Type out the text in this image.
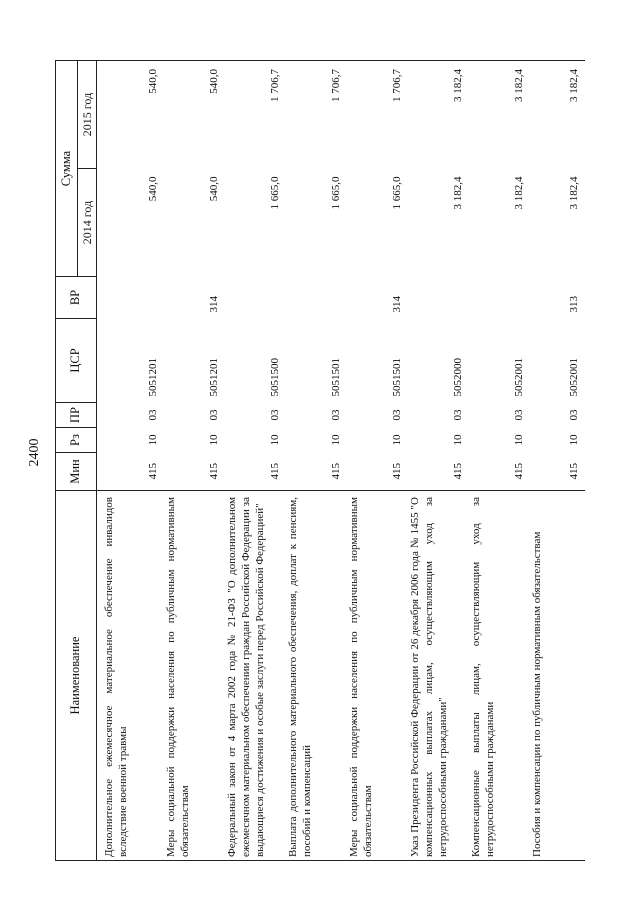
2400
Наименование	Мин	Рз	ПР	ЦСР	ВР	Сумма	
						2014 год	2015 год
Дополнительное ежемесячное материальное обеспечение инвалидов вследствие военной травмы	415	10	03	5051201		540,0	540,0
Меры социальной поддержки населения по публичным нормативным обязательствам	415	10	03	5051201	314	540,0	540,0
Федеральный закон от 4 марта 2002 года № 21-ФЗ "О дополнительном ежемесячном материальном обеспечении граждан Российской Федерации за выдающиеся достижения и особые заслуги перед Российской Федерацией"	415	10	03	5051500		1 665,0	1 706,7
Выплата дополнительного материального обеспечения, доплат к пенсиям, пособий и компенсаций	415	10	03	5051501		1 665,0	1 706,7
Меры социальной поддержки населения по публичным нормативным обязательствам	415	10	03	5051501	314	1 665,0	1 706,7
Указ Президента Российской Федерации от 26 декабря 2006 года № 1455 "О компенсационных выплатах лицам, осуществляющим уход за нетрудоспособными гражданами"	415	10	03	5052000		3 182,4	3 182,4
Компенсационные выплаты лицам, осуществляющим уход за нетрудоспособными гражданами	415	10	03	5052001		3 182,4	3 182,4
Пособия и компенсации по публичным нормативным обязательствам	415	10	03	5052001	313	3 182,4	3 182,4
